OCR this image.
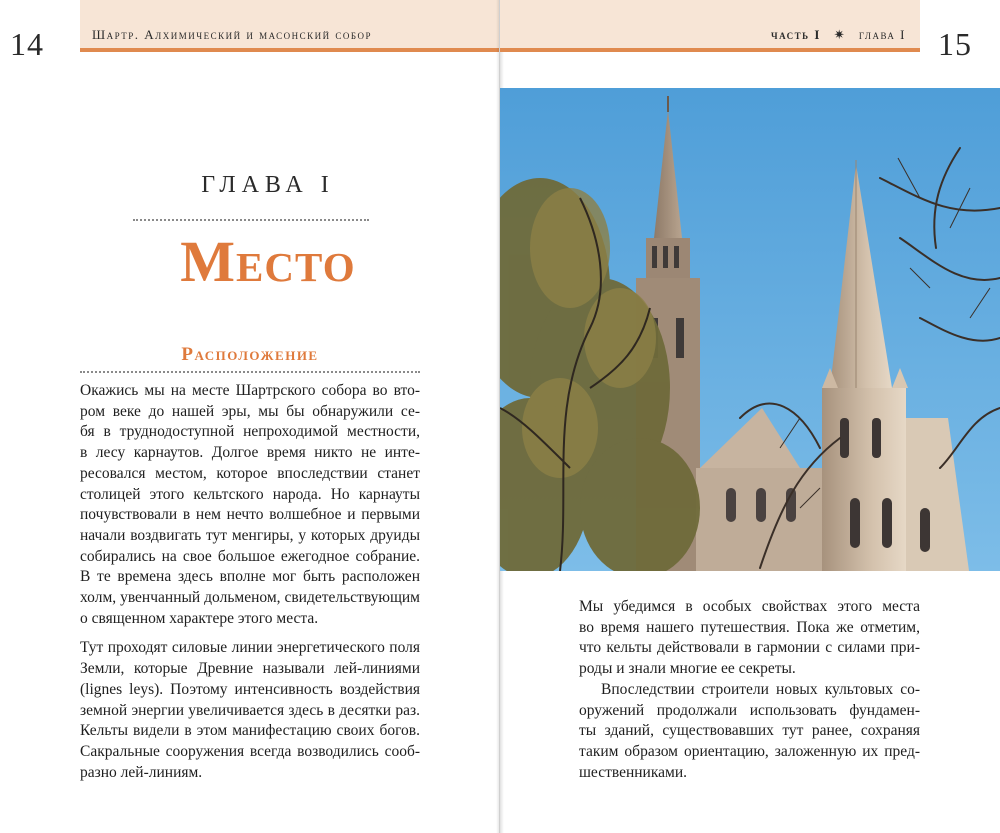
Шартр. Алхимический и масонский собор
14
ГЛАВА I
Место
Расположение

Окажись мы на месте Шартрского собора во вто-
ром веке до нашей эры, мы бы обнаружили се-
бя в труднодоступной непроходимой местности,
в лесу карнаутов. Долгое время никто не инте-
ресовался местом, которое впоследствии станет
столицей этого кельтского народа. Но карнауты
почувствовали в нем нечто волшебное и первыми
начали воздвигать тут менгиры, у которых друиды
собирались на свое большое ежегодное собрание.
В те времена здесь вполне мог быть расположен
холм, увенчанный дольменом, свидетельствующим
о священном характере этого места.

Тут проходят силовые линии энергетического поля
Земли, которые Древние называли лей-линиями
(lignes leys). Поэтому интенсивность воздействия
земной энергии увеличивается здесь в десятки раз.
Кельты видели в этом манифестацию своих богов.
Сакральные сооружения всегда возводились сооб-
разно лей-линиям.

часть I ✷ глава I 15

Мы убедимся в особых свойствах этого места
во время нашего путешествия. Пока же отметим,
что кельты действовали в гармонии с силами при-
роды и знали многие ее секреты.

Впоследствии строители новых культовых со-
оружений продолжали использовать фундамен-
ты зданий, существовавших тут ранее, сохраняя
таким образом ориентацию, заложенную их пред-
шественниками.
